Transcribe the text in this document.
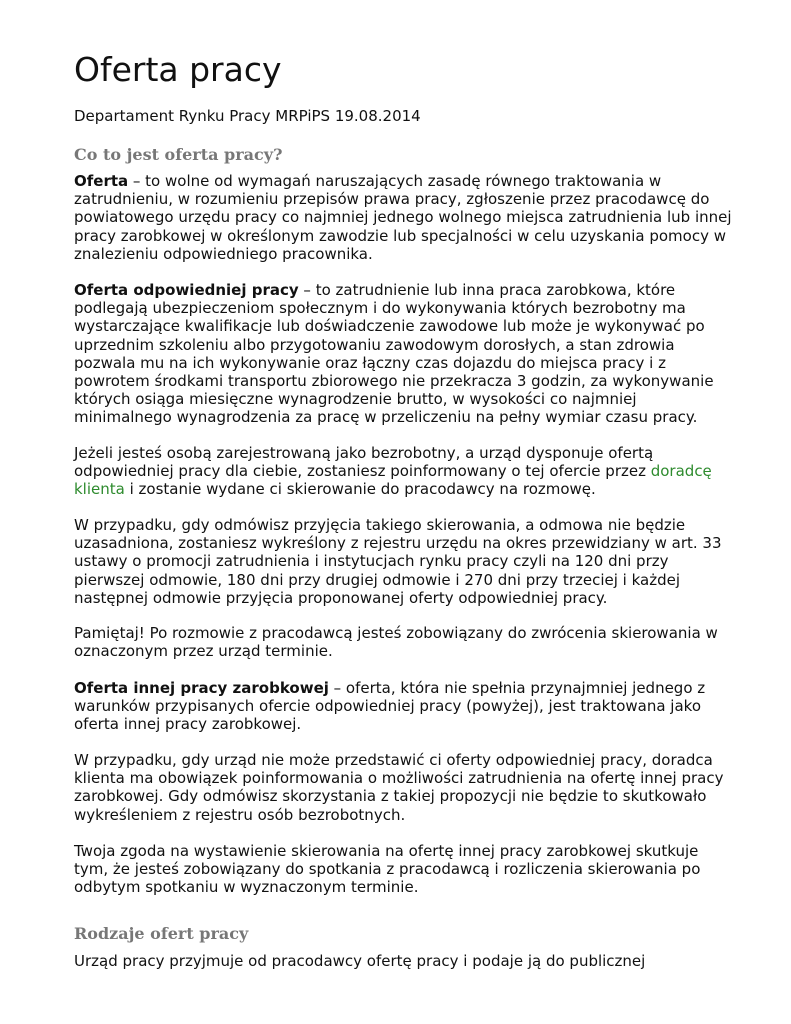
Oferta pracy

Departament Rynku Pracy MRPiPS 19.08.2014

Co to jest oferta pracy?

Oferta – to wolne od wymagań naruszających zasadę równego traktowania w
zatrudnieniu, w rozumieniu przepisów prawa pracy, zgłoszenie przez pracodawcę do
powiatowego urzędu pracy co najmniej jednego wolnego miejsca zatrudnienia lub innej
pracy zarobkowej w określonym zawodzie lub specjalności w celu uzyskania pomocy w
znalezieniu odpowiedniego pracownika.

Oferta odpowiedniej pracy – to zatrudnienie lub inna praca zarobkowa, które
podlegają ubezpieczeniom społecznym i do wykonywania których bezrobotny ma
wystarczające kwalifikacje lub doświadczenie zawodowe lub może je wykonywać po
uprzednim szkoleniu albo przygotowaniu zawodowym dorosłych, a stan zdrowia
pozwala mu na ich wykonywanie oraz łączny czas dojazdu do miejsca pracy i z
powrotem środkami transportu zbiorowego nie przekracza 3 godzin, za wykonywanie
których osiąga miesięczne wynagrodzenie brutto, w wysokości co najmniej
minimalnego wynagrodzenia za pracę w przeliczeniu na pełny wymiar czasu pracy.

Jeżeli jesteś osobą zarejestrowaną jako bezrobotny, a urząd dysponuje ofertą
odpowiedniej pracy dla ciebie, zostaniesz poinformowany o tej ofercie przez doradcę
klienta i zostanie wydane ci skierowanie do pracodawcy na rozmowę.

W przypadku, gdy odmówisz przyjęcia takiego skierowania, a odmowa nie będzie
uzasadniona, zostaniesz wykreślony z rejestru urzędu na okres przewidziany w art. 33
ustawy o promocji zatrudnienia i instytucjach rynku pracy czyli na 120 dni przy
pierwszej odmowie, 180 dni przy drugiej odmowie i 270 dni przy trzeciej i każdej
następnej odmowie przyjęcia proponowanej oferty odpowiedniej pracy.

Pamiętaj! Po rozmowie z pracodawcą jesteś zobowiązany do zwrócenia skierowania w
oznaczonym przez urząd terminie.

Oferta innej pracy zarobkowej – oferta, która nie spełnia przynajmniej jednego z
warunków przypisanych ofercie odpowiedniej pracy (powyżej), jest traktowana jako
oferta innej pracy zarobkowej.

W przypadku, gdy urząd nie może przedstawić ci oferty odpowiedniej pracy, doradca
klienta ma obowiązek poinformowania o możliwości zatrudnienia na ofertę innej pracy
zarobkowej. Gdy odmówisz skorzystania z takiej propozycji nie będzie to skutkowało
wykreśleniem z rejestru osób bezrobotnych.

Twoja zgoda na wystawienie skierowania na ofertę innej pracy zarobkowej skutkuje
tym, że jesteś zobowiązany do spotkania z pracodawcą i rozliczenia skierowania po
odbytym spotkaniu w wyznaczonym terminie.

Rodzaje ofert pracy

Urząd pracy przyjmuje od pracodawcy ofertę pracy i podaje ją do publicznej
